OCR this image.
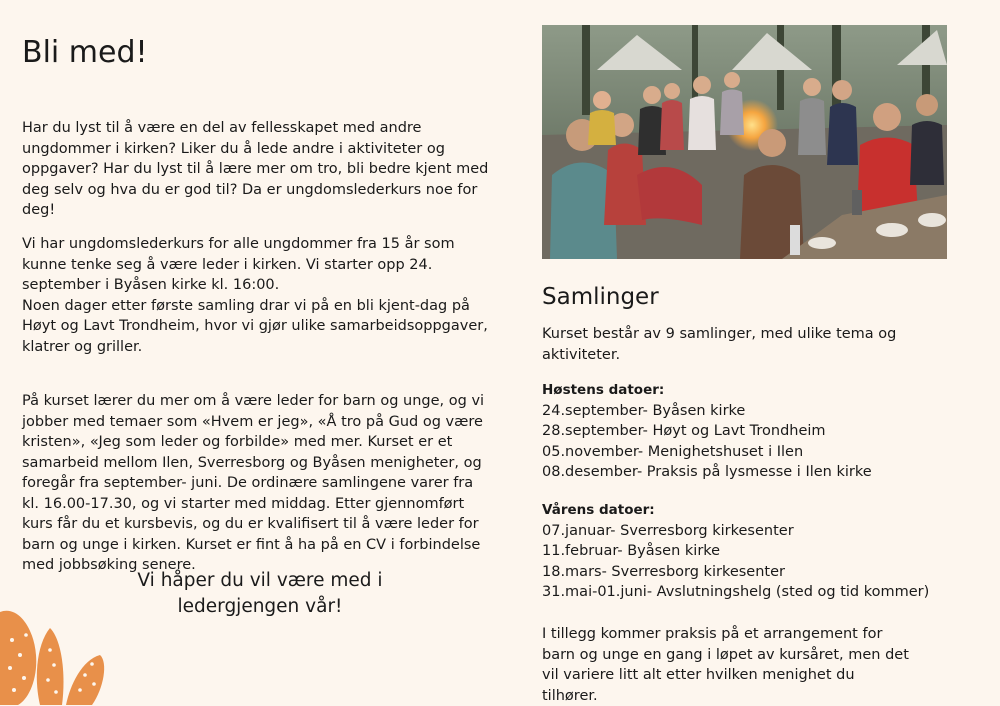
Bli med!

Har du lyst til å være en del av fellesskapet med andre ungdommer i kirken? Liker du å lede andre i aktiviteter og oppgaver? Har du lyst til å lære mer om tro, bli bedre kjent med deg selv og hva du er god til? Da er ungdomslederkurs noe for deg!

Vi har ungdomslederkurs for alle ungdommer fra 15 år som kunne tenke seg å være leder i kirken. Vi starter opp 24. september i Byåsen kirke kl. 16:00.
Noen dager etter første samling drar vi på en bli kjent-dag på Høyt og Lavt Trondheim, hvor vi gjør ulike samarbeidsoppgaver, klatrer og griller.

På kurset lærer du mer om å være leder for barn og unge, og vi jobber med temaer som «Hvem er jeg», «Å tro på Gud og være kristen», «Jeg som leder og forbilde» med mer. Kurset er et samarbeid mellom Ilen, Sverresborg og Byåsen menigheter, og foregår fra september- juni. De ordinære samlingene varer fra kl. 16.00-17.30, og vi starter med middag. Etter gjennomført kurs får du et kursbevis, og du er kvalifisert til å være leder for barn og unge i kirken. Kurset er fint å ha på en CV i forbindelse med jobbsøking senere.

Vi håper du vil være med i
ledergjengen vår!
Samlinger

Kurset består av 9 samlinger, med ulike tema og aktiviteter.

Høstens datoer:

24.september- Byåsen kirke
28.september- Høyt og Lavt Trondheim
05.november- Menighetshuset i Ilen
08.desember- Praksis på lysmesse i Ilen kirke

Vårens datoer:

07.januar- Sverresborg kirkesenter
11.februar- Byåsen kirke
18.mars- Sverresborg kirkesenter
31.mai-01.juni- Avslutningshelg (sted og tid kommer)

I tillegg kommer praksis på et arrangement for barn og unge en gang i løpet av kursåret, men det vil variere litt alt etter hvilken menighet du tilhører.
